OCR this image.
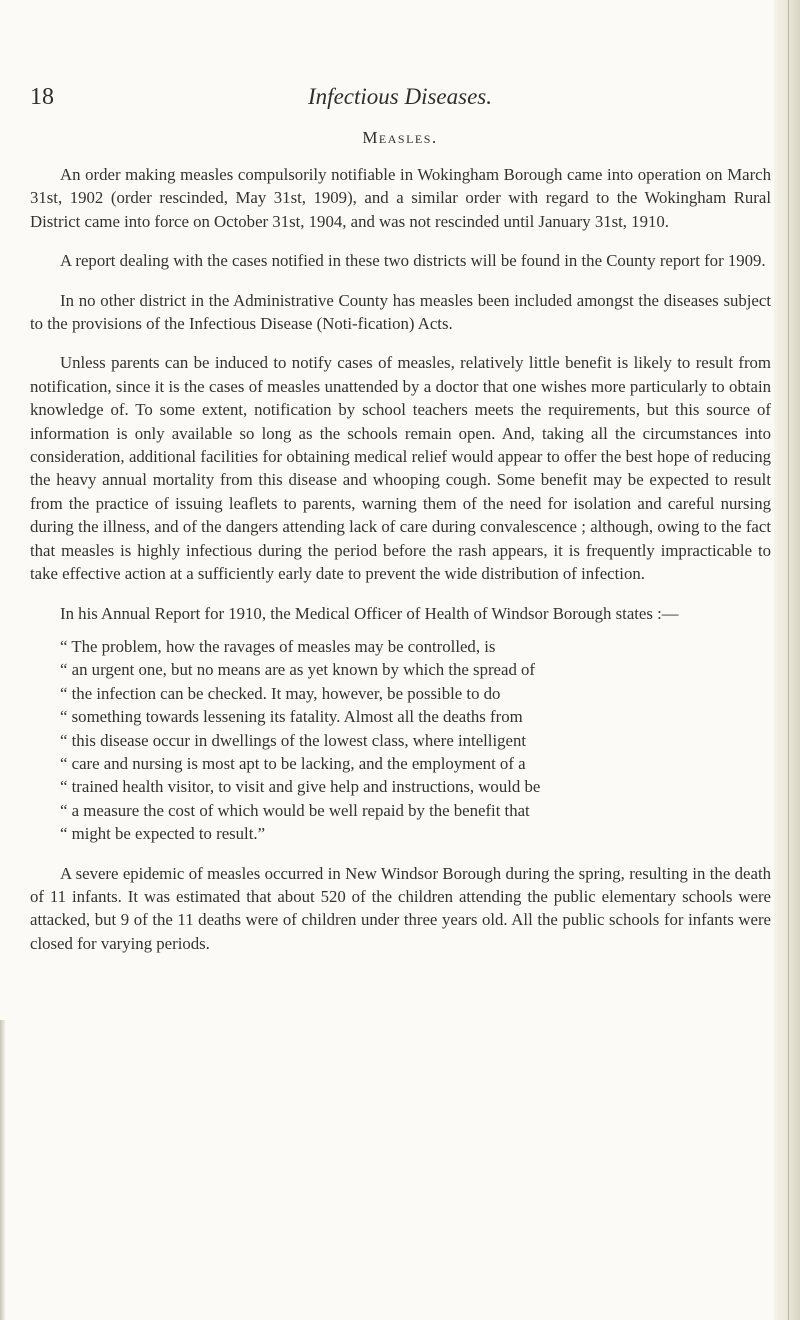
18	Infectious Diseases.
Measles.

An order making measles compulsorily notifiable in Wokingham Borough came into operation on March 31st, 1902 (order rescinded, May 31st, 1909), and a similar order with regard to the Wokingham Rural District came into force on October 31st, 1904, and was not rescinded until January 31st, 1910.

A report dealing with the cases notified in these two districts will be found in the County report for 1909.

In no other district in the Administrative County has measles been included amongst the diseases subject to the provisions of the Infectious Disease (Noti-fication) Acts.

Unless parents can be induced to notify cases of measles, relatively little benefit is likely to result from notification, since it is the cases of measles unattended by a doctor that one wishes more particularly to obtain knowledge of. To some extent, notification by school teachers meets the requirements, but this source of information is only available so long as the schools remain open. And, taking all the circumstances into consideration, additional facilities for obtaining medical relief would appear to offer the best hope of reducing the heavy annual mortality from this disease and whooping cough. Some benefit may be expected to result from the practice of issuing leaflets to parents, warning them of the need for isolation and careful nursing during the illness, and of the dangers attending lack of care during convalescence ; although, owing to the fact that measles is highly infectious during the period before the rash appears, it is frequently impracticable to take effective action at a sufficiently early date to prevent the wide distribution of infection.

In his Annual Report for 1910, the Medical Officer of Health of Windsor Borough states :—

“ The problem, how the ravages of measles may be controlled, is
“ an urgent one, but no means are as yet known by which the spread of
“ the infection can be checked. It may, however, be possible to do
“ something towards lessening its fatality. Almost all the deaths from
“ this disease occur in dwellings of the lowest class, where intelligent
“ care and nursing is most apt to be lacking, and the employment of a
“ trained health visitor, to visit and give help and instructions, would be
“ a measure the cost of which would be well repaid by the benefit that
“ might be expected to result.”

A severe epidemic of measles occurred in New Windsor Borough during the spring, resulting in the death of 11 infants. It was estimated that about 520 of the children attending the public elementary schools were attacked, but 9 of the 11 deaths were of children under three years old. All the public schools for infants were closed for varying periods.
